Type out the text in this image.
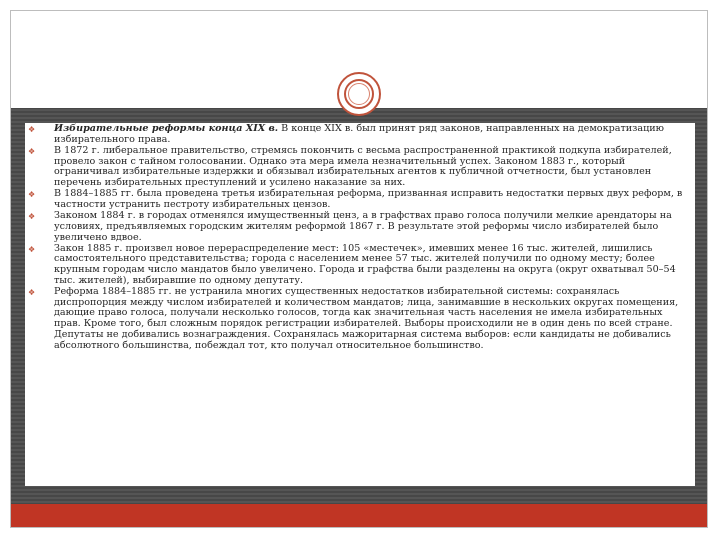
❖ Избирательные реформы конца XIX в. В конце XIX в. был принят ряд законов, направленных на демократизацию избирательного права.
❖ В 1872 г. либеральное правительство, стремясь покончить с весьма распространенной практикой подкупа избирателей, провело закон с тайном голосовании. Однако эта мера имела незначительный успех. Законом 1883 г., который ограничивал избирательные издержки и обязывал избирательных агентов к публичной отчетности, был установлен перечень избирательных преступлений и усилено наказание за них.
❖ В 1884–1885 гг. была проведена третья избирательная реформа, призванная исправить недостатки первых двух реформ, в частности устранить пестроту избирательных цензов.
❖ Законом 1884 г. в городах отменялся имущественный ценз, а в графствах право голоса получили мелкие арендаторы на условиях, предъявляемых городским жителям реформой 1867 г. В результате этой реформы число избирателей было увеличено вдвое.
❖ Закон 1885 г. произвел новое перераспределение мест: 105 «местечек», имевших менее 16 тыс. жителей, лишились самостоятельного представительства; города с населением менее 57 тыс. жителей получили по одному месту; более крупным городам число мандатов было увеличено. Города и графства были разделены на округа (округ охватывал 50–54 тыс. жителей), выбиравшие по одному депутату.
❖ Реформа 1884–1885 гг. не устранила многих существенных недостатков избирательной системы: сохранялась диспропорция между числом избирателей и количеством мандатов; лица, занимавшие в нескольких округах помещения, дающие право голоса, получали несколько голосов, тогда как значительная часть населения не имела избирательных прав. Кроме того, был сложным порядок регистрации избирателей. Выборы происходили не в один день по всей стране. Депутаты не добивались вознаграждения. Сохранялась мажоритарная система выборов: если кандидаты не добивались абсолютного большинства, побеждал тот, кто получал относительное большинство.
